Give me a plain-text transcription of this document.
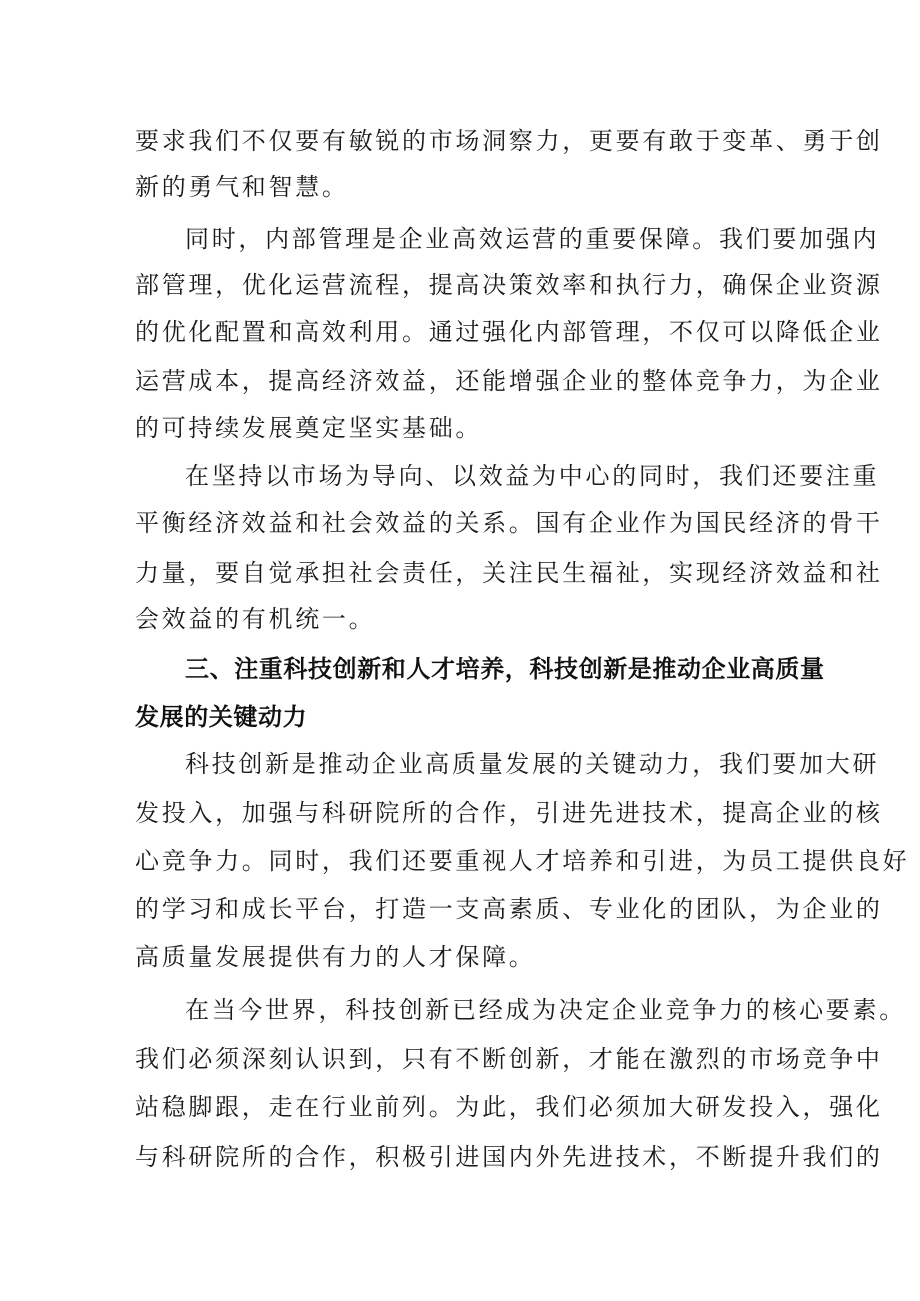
要求我们不仅要有敏锐的市场洞察力，更要有敢于变革、勇于创
新的勇气和智慧。
同时，内部管理是企业高效运营的重要保障。我们要加强内
部管理，优化运营流程，提高决策效率和执行力，确保企业资源
的优化配置和高效利用。通过强化内部管理，不仅可以降低企业
运营成本，提高经济效益，还能增强企业的整体竞争力，为企业
的可持续发展奠定坚实基础。
在坚持以市场为导向、以效益为中心的同时，我们还要注重
平衡经济效益和社会效益的关系。国有企业作为国民经济的骨干
力量，要自觉承担社会责任，关注民生福祉，实现经济效益和社
会效益的有机统一。
三、注重科技创新和人才培养，科技创新是推动企业高质量
发展的关键动力
科技创新是推动企业高质量发展的关键动力，我们要加大研
发投入，加强与科研院所的合作，引进先进技术，提高企业的核
心竞争力。同时，我们还要重视人才培养和引进，为员工提供良好
的学习和成长平台，打造一支高素质、专业化的团队，为企业的
高质量发展提供有力的人才保障。
在当今世界，科技创新已经成为决定企业竞争力的核心要素。
我们必须深刻认识到，只有不断创新，才能在激烈的市场竞争中
站稳脚跟，走在行业前列。为此，我们必须加大研发投入，强化
与科研院所的合作，积极引进国内外先进技术，不断提升我们的
